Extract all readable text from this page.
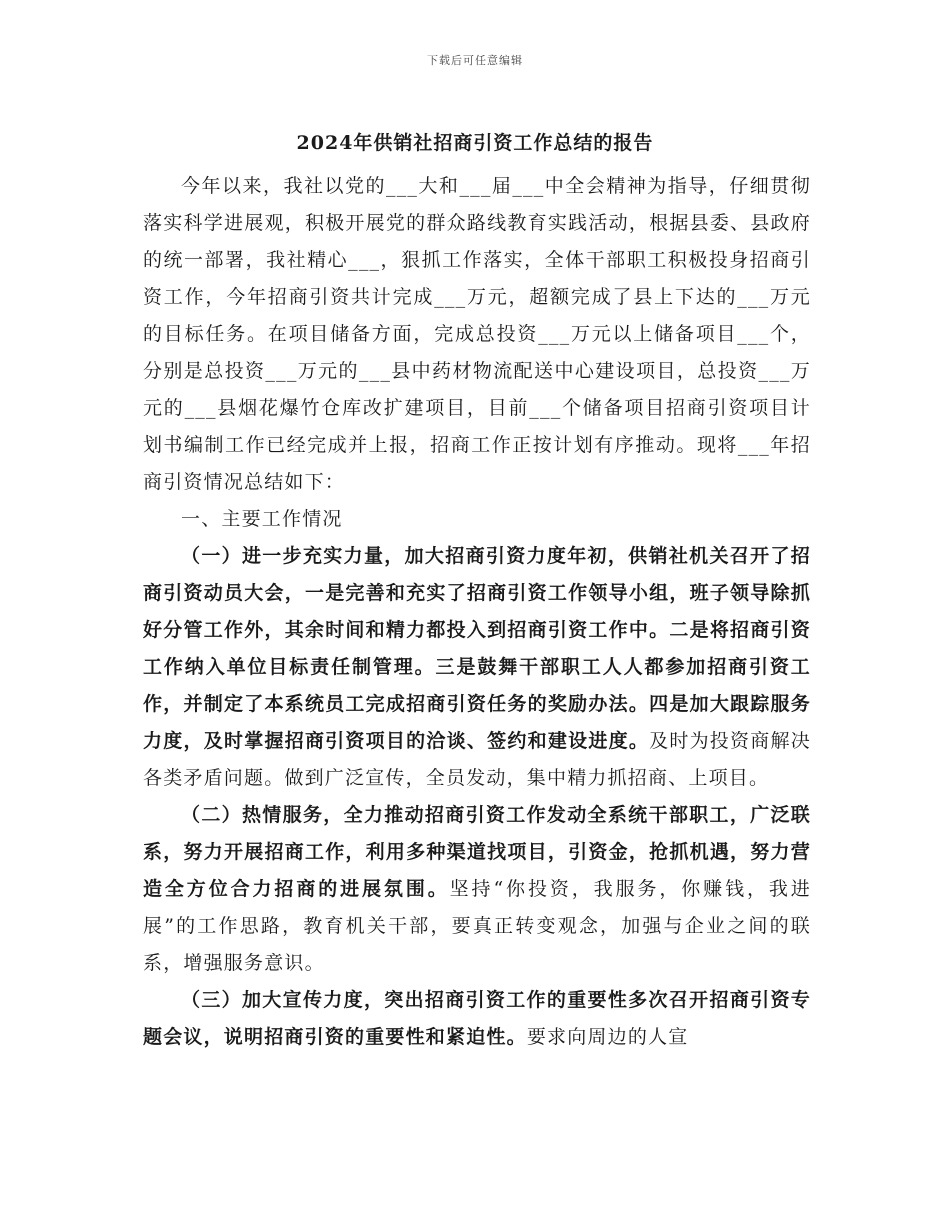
下载后可任意编辑
2024年供销社招商引资工作总结的报告

今年以来，我社以党的___大和___届___中全会精神为指导，仔细贯彻落实科学进展观，积极开展党的群众路线教育实践活动，根据县委、县政府的统一部署，我社精心___，狠抓工作落实，全体干部职工积极投身招商引资工作，今年招商引资共计完成___万元，超额完成了县上下达的___万元的目标任务。在项目储备方面，完成总投资___万元以上储备项目___个，分别是总投资___万元的___县中药材物流配送中心建设项目，总投资___万元的___县烟花爆竹仓库改扩建项目，目前___个储备项目招商引资项目计划书编制工作已经完成并上报，招商工作正按计划有序推动。现将___年招商引资情况总结如下：

一、主要工作情况

（一）进一步充实力量，加大招商引资力度年初，供销社机关召开了招商引资动员大会，一是完善和充实了招商引资工作领导小组，班子领导除抓好分管工作外，其余时间和精力都投入到招商引资工作中。二是将招商引资工作纳入单位目标责任制管理。三是鼓舞干部职工人人都参加招商引资工作，并制定了本系统员工完成招商引资任务的奖励办法。四是加大跟踪服务力度，及时掌握招商引资项目的洽谈、签约和建设进度。及时为投资商解决各类矛盾问题。做到广泛宣传，全员发动，集中精力抓招商、上项目。

（二）热情服务，全力推动招商引资工作发动全系统干部职工，广泛联系，努力开展招商工作，利用多种渠道找项目，引资金，抢抓机遇，努力营造全方位合力招商的进展氛围。坚持“你投资，我服务，你赚钱，我进展”的工作思路，教育机关干部，要真正转变观念，加强与企业之间的联系，增强服务意识。

（三）加大宣传力度，突出招商引资工作的重要性多次召开招商引资专题会议，说明招商引资的重要性和紧迫性。要求向周边的人宣
